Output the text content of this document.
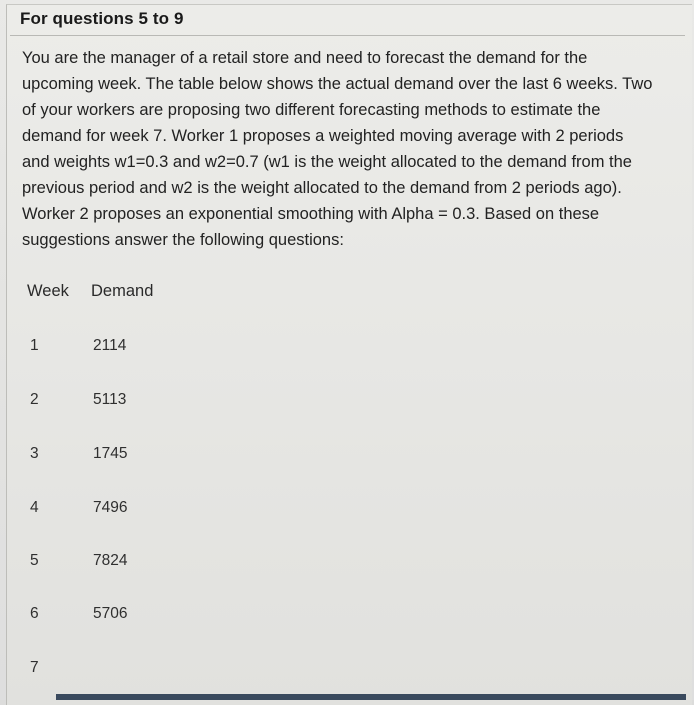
For questions 5 to 9

You are the manager of a retail store and need to forecast the demand for the

upcoming week. The table below shows the actual demand over the last 6 weeks. Two

of your workers are proposing two different forecasting methods to estimate the

demand for week 7. Worker 1 proposes a weighted moving average with 2 periods

and weights w1=0.3 and w2=0.7 (w1 is the weight allocated to the demand from the

previous period and w2 is the weight allocated to the demand from 2 periods ago).

Worker 2 proposes an exponential smoothing with Alpha = 0.3. Based on these

suggestions answer the following questions:

Week Demand
1	2114
2	5113
3	1745
4	7496
5	7824
6	5706
7
